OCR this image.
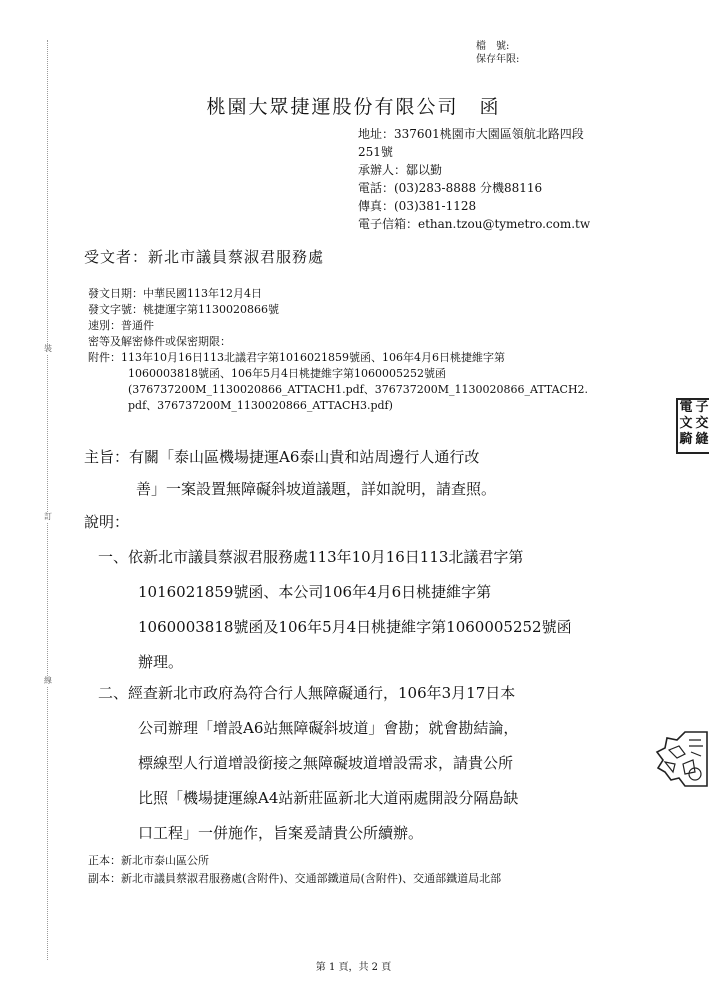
裝
訂
線
檔　號:
保存年限:
桃園大眾捷運股份有限公司　函
地址：337601桃園市大園區領航北路四段
251號
承辦人：鄒以勤
電話：(03)283-8888 分機88116
傳真：(03)381-1128
電子信箱：ethan.tzou@tymetro.com.tw
受文者：新北市議員蔡淑君服務處
發文日期：中華民國113年12月4日
發文字號：桃捷運字第1130020866號
速別：普通件
密等及解密條件或保密期限：
附件：113年10月16日113北議君字第1016021859號函、106年4月6日桃捷維字第
1060003818號函、106年5月4日桃捷維字第1060005252號函
(376737200M_1130020866_ATTACH1.pdf、376737200M_1130020866_ATTACH2.
pdf、376737200M_1130020866_ATTACH3.pdf)
主旨：有關「泰山區機場捷運A6泰山貴和站周邊行人通行改
善」一案設置無障礙斜坡道議題，詳如說明，請查照。
說明：
一、依新北市議員蔡淑君服務處113年10月16日113北議君字第
1016021859號函、本公司106年4月6日桃捷維字第
1060003818號函及106年5月4日桃捷維字第1060005252號函
辦理。
二、經查新北市政府為符合行人無障礙通行，106年3月17日本
公司辦理「增設A6站無障礙斜坡道」會勘；就會勘結論，
標線型人行道增設銜接之無障礙坡道增設需求，請貴公所
比照「機場捷運線A4站新莊區新北大道兩處開設分隔島缺
口工程」一併施作，旨案爰請貴公所續辦。
正本：新北市泰山區公所
副本：新北市議員蔡淑君服務處(含附件)、交通部鐵道局(含附件)、交通部鐵道局北部
第 1 頁，共 2 頁
電 子
文 交
騎 縫
